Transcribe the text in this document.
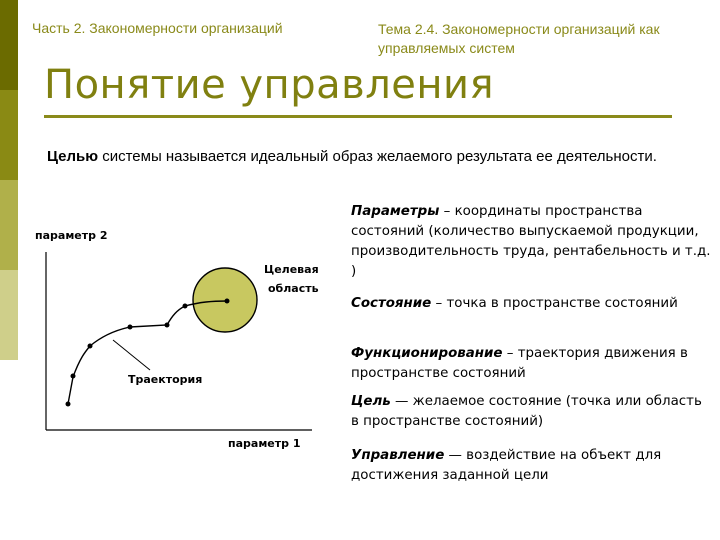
Часть 2. Закономерности организаций	Тема 2.4. Закономерности организаций как управляемых систем
Понятие управления
Целью системы называется идеальный образ желаемого результата ее деятельности.
параметр 2
параметр 1
Целевая
область
Траектория
Параметры – координаты пространства состояний (количество выпускаемой продукции, производительность труда, рентабельность и т.д. )
Состояние – точка в пространстве состояний
Функционирование – траектория движения в пространстве состояний
Цель — желаемое состояние (точка или область в пространстве состояний)
Управление — воздействие на объект для достижения заданной цели
